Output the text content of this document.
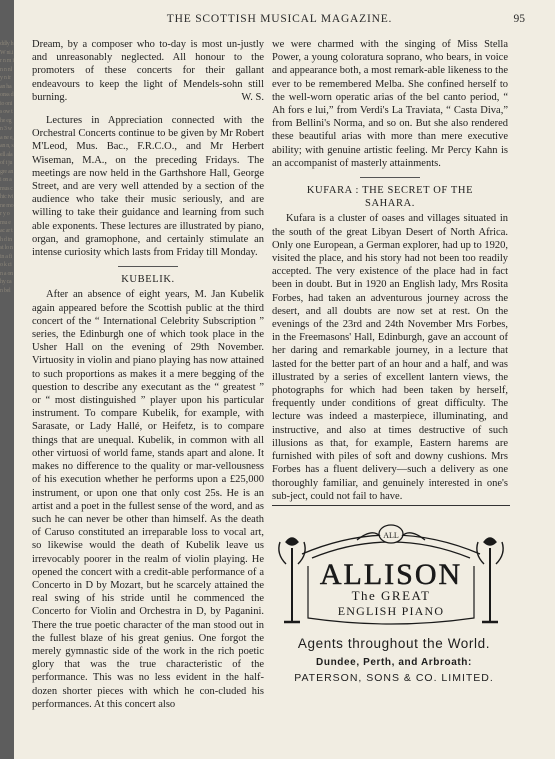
THE SCOTTISH MUSICAL MAGAZINE.	95

Dream, by a composer who to-day is most un-justly and unreasonably neglected. All honour to the promoters of these concerts for their gallant endeavours to keep the light of Mendels-sohn still burning.	W. S.

Lectures in Appreciation connected with the Orchestral Concerts continue to be given by Mr Robert M'Leod, Mus. Bac., F.R.C.O., and Mr Herbert Wiseman, M.A., on the preceding Fridays. The meetings are now held in the Garthshore Hall, George Street, and are very well attended by a section of the audience who take their music seriously, and are willing to take their guidance and learning from such able exponents. These lectures are illustrated by piano, organ, and gramophone, and certainly stimulate an intense curiosity which lasts from Friday till Monday.

KUBELIK.

After an absence of eight years, M. Jan Kubelik again appeared before the Scottish public at the third concert of the “ International Celebrity Subscription ” series, the Edinburgh one of which took place in the Usher Hall on the evening of 29th November. Virtuosity in violin and piano playing has now attained to such proportions as makes it a mere begging of the question to describe any executant as the “ greatest ” or “ most distinguished ” player upon his particular instrument. To compare Kubelik, for example, with Sarasate, or Lady Hallé, or Heifetz, is to compare things that are unequal. Kubelik, in common with all other virtuosi of world fame, stands apart and alone. It makes no difference to the quality or mar-vellousness of his execution whether he performs upon a £25,000 instrument, or upon one that only cost 25s. He is an artist and a poet in the fullest sense of the word, and as such he can never be other than himself. As the death of Caruso constituted an irreparable loss to vocal art, so likewise would the death of Kubelik leave us irrevocably poorer in the realm of violin playing. He opened the concert with a credit-able performance of a Concerto in D by Mozart, but he scarcely attained the real swing of his stride until he commenced the Concerto for Violin and Orchestra in D, by Paganini. There the true poetic character of the man stood out in the fullest blaze of his great genius. One forgot the merely gymnastic side of the work in the rich poetic glory that was the true characteristic of the performance. This was no less evident in the half-dozen shorter pieces with which he con-cluded his performances. At this concert also

we were charmed with the singing of Miss Stella Power, a young coloratura soprano, who bears, in voice and appearance both, a most remark-able likeness to the ever to be remembered Melba. She confined herself to the well-worn operatic arias of the bel canto period, “ Ah fors e lui,” from Verdi's La Traviata, “ Casta Diva,” from Bellini's Norma, and so on. But she also rendered these beautiful arias with more than mere executive ability; with genuine artistic feeling. Mr Percy Kahn is an accompanist of masterly attainments.

KUFARA : THE SECRET OF THE
SAHARA.

Kufara is a cluster of oases and villages situated in the south of the great Libyan Desert of North Africa. Only one European, a German explorer, had up to 1920, visited the place, and his story had not been too readily accepted. The very existence of the place had in fact been in doubt. But in 1920 an English lady, Mrs Rosita Forbes, had taken an adventurous journey across the desert, and all doubts are now set at rest. On the evenings of the 23rd and 24th November Mrs Forbes, in the Freemasons' Hall, Edinburgh, gave an account of her daring and remarkable journey, in a lecture that lasted for the better part of an hour and a half, and was illustrated by a series of excellent lantern views, the photographs for which had been taken by herself, frequently under conditions of great difficulty. The lecture was indeed a masterpiece, illuminating, and instructive, and also at times destructive of such illusions as that, for example, Eastern harems are furnished with piles of soft and downy cushions. Mrs Forbes has a fluent delivery—such a delivery as one thoroughly familiar, and genuinely interested in one's sub-ject, could not fail to have.

ALL
ALLISON
The GREAT
ENGLISH PIANO
Agents throughout the World.
Dundee, Perth, and Arbroath:
PATERSON, SONS & CO. LIMITED.
ddly h W ni.ir n m in n nly n ir an ha onss dio onis ow the eg n 3 wa ne e, an n, sell ala of t ju gre ani on a mus chic ivine mor y o mu e ac ar th d in st lo n in a fi o k cin a on hy ca n bel
